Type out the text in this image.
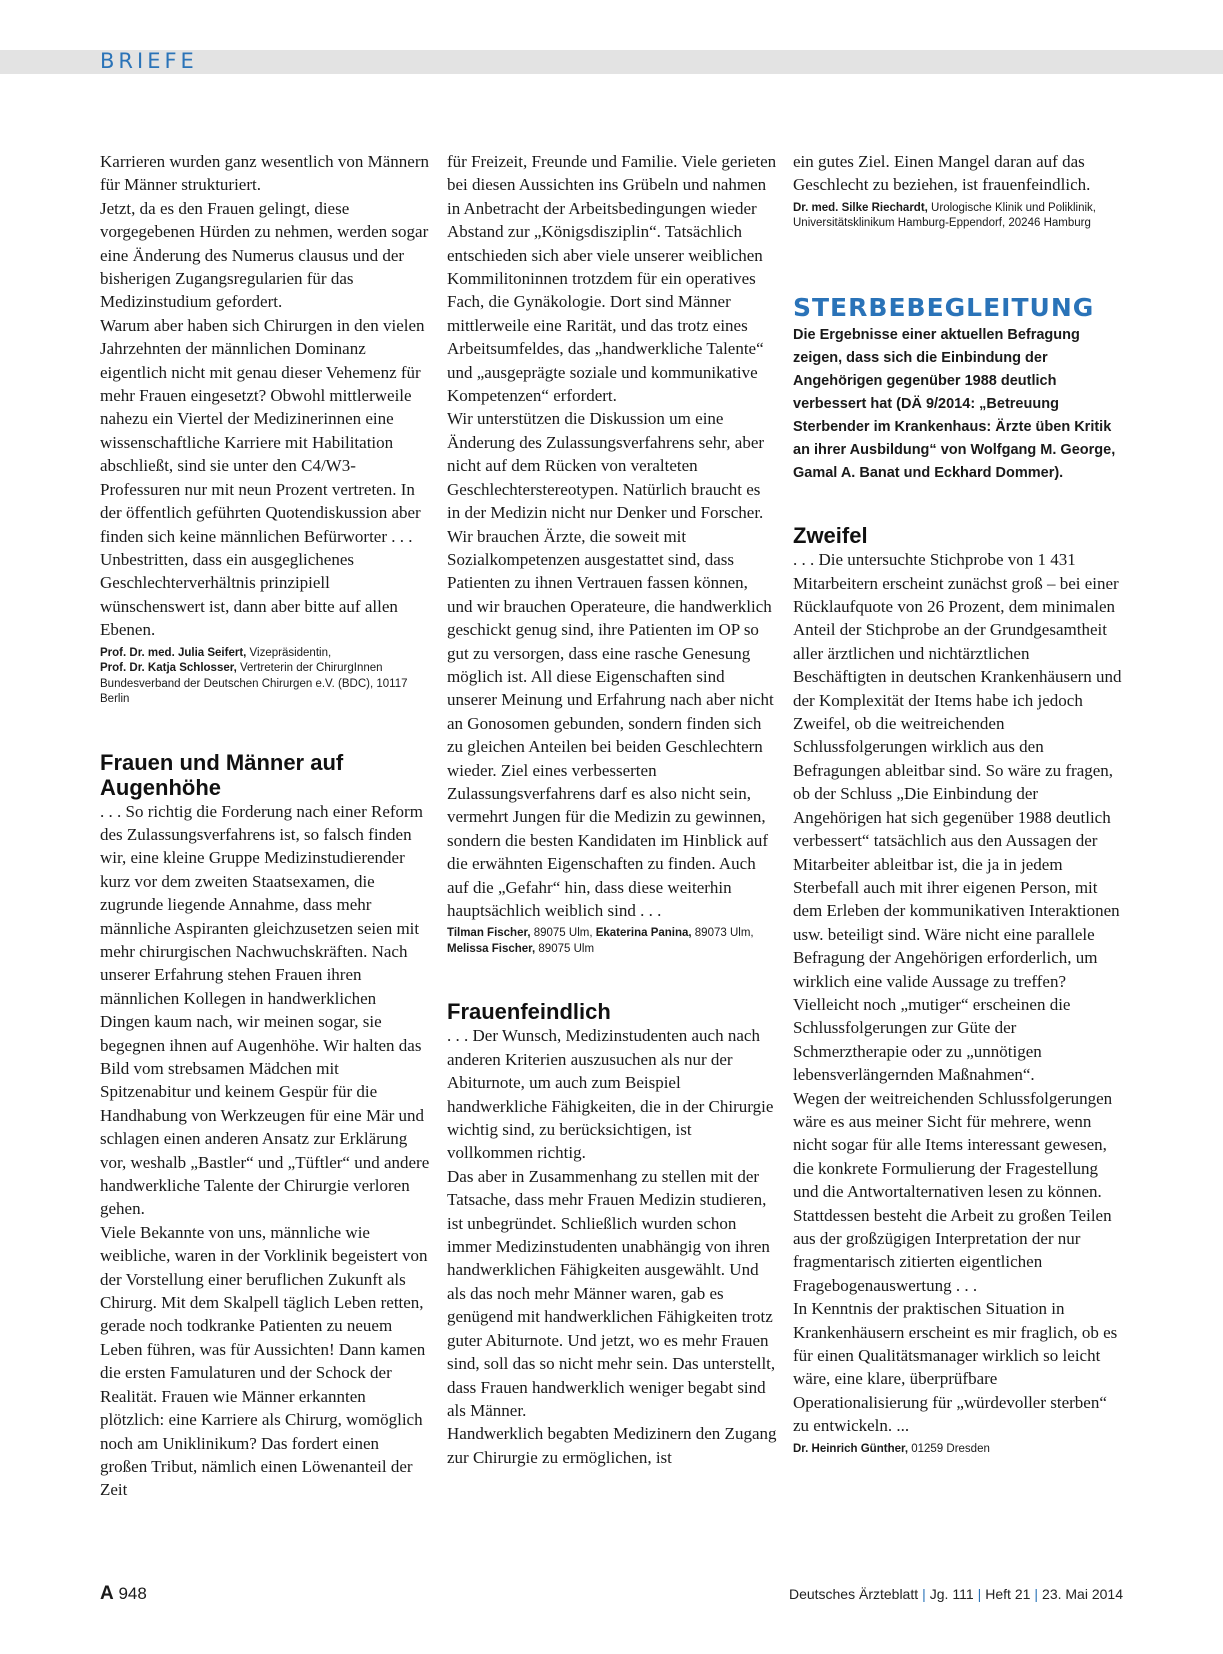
BRIEFE

Karrieren wurden ganz wesentlich von Männern für Männer strukturiert.

Jetzt, da es den Frauen gelingt, diese vorgegebenen Hürden zu nehmen, werden sogar eine Änderung des Numerus clausus und der bisherigen Zugangsregularien für das Medizinstudium gefordert.

Warum aber haben sich Chirurgen in den vielen Jahrzehnten der männlichen Dominanz eigentlich nicht mit genau dieser Vehemenz für mehr Frauen eingesetzt? Obwohl mittlerweile nahezu ein Viertel der Medizinerinnen eine wissenschaftliche Karriere mit Habilitation abschließt, sind sie unter den C4/W3-Professuren nur mit neun Prozent vertreten. In der öffentlich geführten Quotendiskussion aber finden sich keine männlichen Befürworter . . . Unbestritten, dass ein ausgeglichenes Geschlechterverhältnis prinzipiell wünschenswert ist, dann aber bitte auf allen Ebenen.

Prof. Dr. med. Julia Seifert, Vizepräsidentin,
Prof. Dr. Katja Schlosser, Vertreterin der ChirurgInnen Bundesverband der Deutschen Chirurgen e.V. (BDC), 10117 Berlin

Frauen und Männer auf Augenhöhe

. . . So richtig die Forderung nach einer Reform des Zulassungsverfahrens ist, so falsch finden wir, eine kleine Gruppe Medizinstudierender kurz vor dem zweiten Staatsexamen, die zugrunde liegende Annahme, dass mehr männliche Aspiranten gleichzusetzen seien mit mehr chirurgischen Nachwuchskräften. Nach unserer Erfahrung stehen Frauen ihren männlichen Kollegen in handwerklichen Dingen kaum nach, wir meinen sogar, sie begegnen ihnen auf Augenhöhe. Wir halten das Bild vom strebsamen Mädchen mit Spitzenabitur und keinem Gespür für die Handhabung von Werkzeugen für eine Mär und schlagen einen anderen Ansatz zur Erklärung vor, weshalb „Bastler“ und „Tüftler“ und andere handwerkliche Talente der Chirurgie verloren gehen.

Viele Bekannte von uns, männliche wie weibliche, waren in der Vorklinik begeistert von der Vorstellung einer beruflichen Zukunft als Chirurg. Mit dem Skalpell täglich Leben retten, gerade noch todkranke Patienten zu neuem Leben führen, was für Aussichten! Dann kamen die ersten Famulaturen und der Schock der Realität. Frauen wie Männer erkannten plötzlich: eine Karriere als Chirurg, womöglich noch am Uniklinikum? Das fordert einen großen Tribut, nämlich einen Löwenanteil der Zeit

für Freizeit, Freunde und Familie. Viele gerieten bei diesen Aussichten ins Grübeln und nahmen in Anbetracht der Arbeitsbedingungen wieder Abstand zur „Königsdisziplin“. Tatsächlich entschieden sich aber viele unserer weiblichen Kommilitoninnen trotzdem für ein operatives Fach, die Gynäkologie. Dort sind Männer mittlerweile eine Rarität, und das trotz eines Arbeitsumfeldes, das „handwerkliche Talente“ und „ausgeprägte soziale und kommunikative Kompetenzen“ erfordert.

Wir unterstützen die Diskussion um eine Änderung des Zulassungsverfahrens sehr, aber nicht auf dem Rücken von veralteten Geschlechterstereotypen. Natürlich braucht es in der Medizin nicht nur Denker und Forscher. Wir brauchen Ärzte, die soweit mit Sozialkompetenzen ausgestattet sind, dass Patienten zu ihnen Vertrauen fassen können, und wir brauchen Operateure, die handwerklich geschickt genug sind, ihre Patienten im OP so gut zu versorgen, dass eine rasche Genesung möglich ist. All diese Eigenschaften sind unserer Meinung und Erfahrung nach aber nicht an Gonosomen gebunden, sondern finden sich zu gleichen Anteilen bei beiden Geschlechtern wieder. Ziel eines verbesserten Zulassungsverfahrens darf es also nicht sein, vermehrt Jungen für die Medizin zu gewinnen, sondern die besten Kandidaten im Hinblick auf die erwähnten Eigenschaften zu finden. Auch auf die „Gefahr“ hin, dass diese weiterhin hauptsächlich weiblich sind . . .

Tilman Fischer, 89075 Ulm, Ekaterina Panina, 89073 Ulm, Melissa Fischer, 89075 Ulm

Frauenfeindlich

. . . Der Wunsch, Medizinstudenten auch nach anderen Kriterien auszusuchen als nur der Abiturnote, um auch zum Beispiel handwerkliche Fähigkeiten, die in der Chirurgie wichtig sind, zu berücksichtigen, ist vollkommen richtig.

Das aber in Zusammenhang zu stellen mit der Tatsache, dass mehr Frauen Medizin studieren, ist unbegründet. Schließlich wurden schon immer Medizinstudenten unabhängig von ihren handwerklichen Fähigkeiten ausgewählt. Und als das noch mehr Männer waren, gab es genügend mit handwerklichen Fähigkeiten trotz guter Abiturnote. Und jetzt, wo es mehr Frauen sind, soll das so nicht mehr sein. Das unterstellt, dass Frauen handwerklich weniger begabt sind als Männer.

Handwerklich begabten Medizinern den Zugang zur Chirurgie zu ermöglichen, ist

ein gutes Ziel. Einen Mangel daran auf das Geschlecht zu beziehen, ist frauenfeindlich.

Dr. med. Silke Riechardt, Urologische Klinik und Poliklinik, Universitätsklinikum Hamburg-Eppendorf, 20246 Hamburg

STERBEBEGLEITUNG

Die Ergebnisse einer aktuellen Befragung zeigen, dass sich die Einbindung der Angehörigen gegenüber 1988 deutlich verbessert hat (DÄ 9/2014: „Betreuung Sterbender im Krankenhaus: Ärzte üben Kritik an ihrer Ausbildung“ von Wolfgang M. George, Gamal A. Banat und Eckhard Dommer).

Zweifel

. . . Die untersuchte Stichprobe von 1 431 Mitarbeitern erscheint zunächst groß – bei einer Rücklaufquote von 26 Prozent, dem minimalen Anteil der Stichprobe an der Grundgesamtheit aller ärztlichen und nichtärztlichen Beschäftigten in deutschen Krankenhäusern und der Komplexität der Items habe ich jedoch Zweifel, ob die weitreichenden Schlussfolgerungen wirklich aus den Befragungen ableitbar sind. So wäre zu fragen, ob der Schluss „Die Einbindung der Angehörigen hat sich gegenüber 1988 deutlich verbessert“ tatsächlich aus den Aussagen der Mitarbeiter ableitbar ist, die ja in jedem Sterbefall auch mit ihrer eigenen Person, mit dem Erleben der kommunikativen Interaktionen usw. beteiligt sind. Wäre nicht eine parallele Befragung der Angehörigen erforderlich, um wirklich eine valide Aussage zu treffen?

Vielleicht noch „mutiger“ erscheinen die Schlussfolgerungen zur Güte der Schmerztherapie oder zu „unnötigen lebensverlängernden Maßnahmen“.

Wegen der weitreichenden Schlussfolgerungen wäre es aus meiner Sicht für mehrere, wenn nicht sogar für alle Items interessant gewesen, die konkrete Formulierung der Fragestellung und die Antwortalternativen lesen zu können. Stattdessen besteht die Arbeit zu großen Teilen aus der großzügigen Interpretation der nur fragmentarisch zitierten eigentlichen Fragebogenauswertung . . .

In Kenntnis der praktischen Situation in Krankenhäusern erscheint es mir fraglich, ob es für einen Qualitätsmanager wirklich so leicht wäre, eine klare, überprüfbare Operationalisierung für „würdevoller sterben“ zu entwickeln. ...

Dr. Heinrich Günther, 01259 Dresden

A 948	Deutsches Ärzteblatt | Jg. 111 | Heft 21 | 23. Mai 2014
